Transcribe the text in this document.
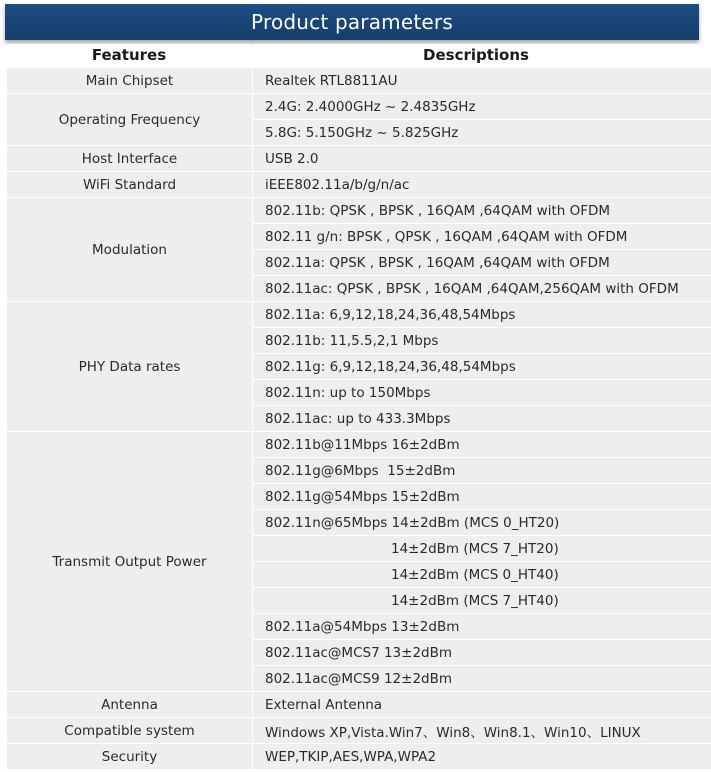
Product parameters
Features	Descriptions
Main Chipset	Realtek RTL8811AU
Operating Frequency	2.4G: 2.4000GHz ~ 2.4835GHz
	5.8G: 5.150GHz ~ 5.825GHz
Host Interface	USB 2.0
WiFi Standard	iEEE802.11a/b/g/n/ac
Modulation	802.11b: QPSK , BPSK , 16QAM ,64QAM with OFDM
	802.11 g/n: BPSK , QPSK , 16QAM ,64QAM with OFDM
	802.11a: QPSK , BPSK , 16QAM ,64QAM with OFDM
	802.11ac: QPSK , BPSK , 16QAM ,64QAM,256QAM with OFDM
PHY Data rates	802.11a: 6,9,12,18,24,36,48,54Mbps
	802.11b: 11,5.5,2,1 Mbps
	802.11g: 6,9,12,18,24,36,48,54Mbps
	802.11n: up to 150Mbps
	802.11ac: up to 433.3Mbps
Transmit Output Power	802.11b@11Mbps 16±2dBm
	802.11g@6Mbps  15±2dBm
	802.11g@54Mbps 15±2dBm
	802.11n@65Mbps 14±2dBm (MCS 0_HT20)
	14±2dBm (MCS 7_HT20)
	14±2dBm (MCS 0_HT40)
	14±2dBm (MCS 7_HT40)
	802.11a@54Mbps 13±2dBm
	802.11ac@MCS7 13±2dBm
	802.11ac@MCS9 12±2dBm
Antenna	External Antenna
Compatible system	Windows XP,Vista.Win7、Win8、Win8.1、Win10、LINUX
Security	WEP,TKIP,AES,WPA,WPA2
